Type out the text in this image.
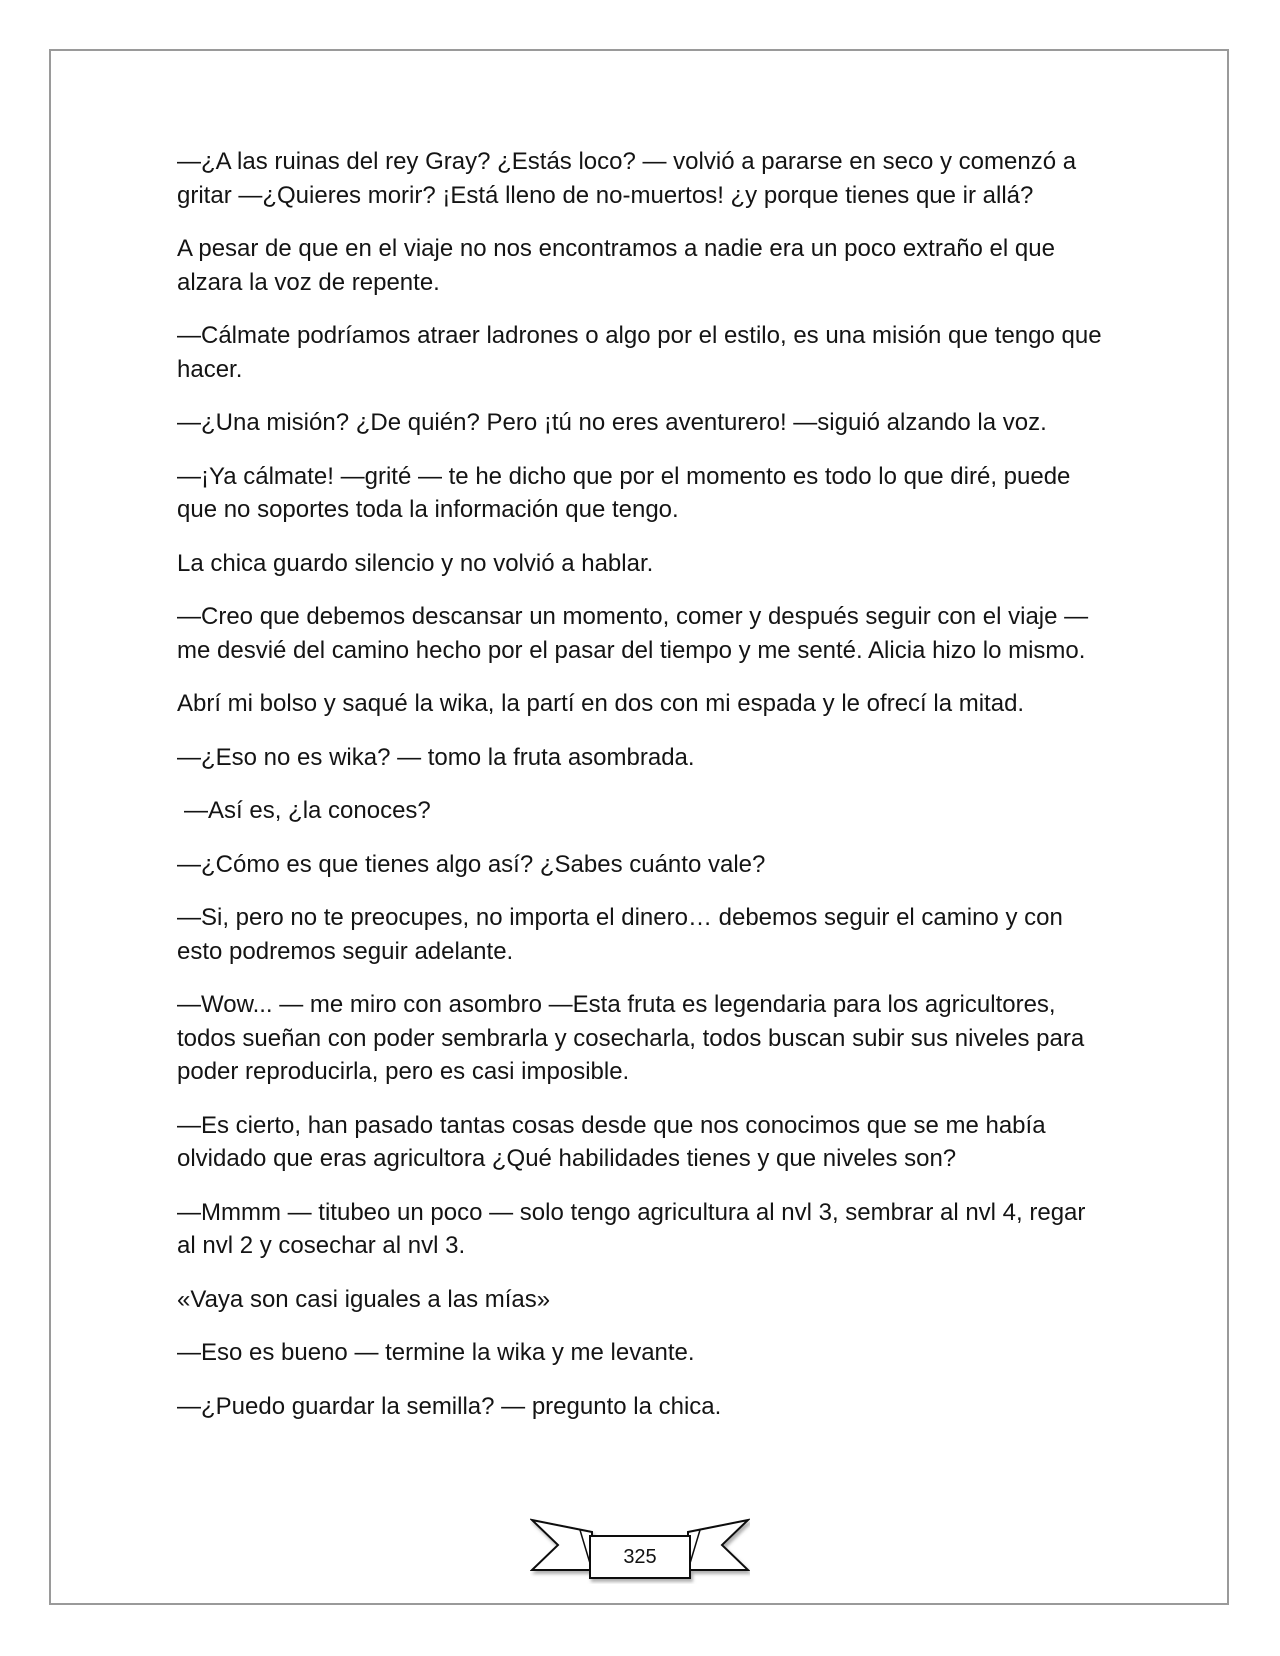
—¿A las ruinas del rey Gray? ¿Estás loco? — volvió a pararse en seco y comenzó a gritar —¿Quieres morir? ¡Está lleno de no-muertos! ¿y porque tienes que ir allá?

A pesar de que en el viaje no nos encontramos a nadie era un poco extraño el que alzara la voz de repente.

—Cálmate podríamos atraer ladrones o algo por el estilo, es una misión que tengo que hacer.

—¿Una misión? ¿De quién? Pero ¡tú no eres aventurero! —siguió alzando la voz.

—¡Ya cálmate! —grité — te he dicho que por el momento es todo lo que diré, puede que no soportes toda la información que tengo.

La chica guardo silencio y no volvió a hablar.

—Creo que debemos descansar un momento, comer y después seguir con el viaje — me desvié del camino hecho por el pasar del tiempo y me senté. Alicia hizo lo mismo.

Abrí mi bolso y saqué la wika, la partí en dos con mi espada y le ofrecí la mitad.

—¿Eso no es wika? — tomo la fruta asombrada.

—Así es, ¿la conoces?

—¿Cómo es que tienes algo así? ¿Sabes cuánto vale?

—Si, pero no te preocupes, no importa el dinero… debemos seguir el camino y con esto podremos seguir adelante.

—Wow... — me miro con asombro —Esta fruta es legendaria para los agricultores, todos sueñan con poder sembrarla y cosecharla, todos buscan subir sus niveles para poder reproducirla, pero es casi imposible.

—Es cierto, han pasado tantas cosas desde que nos conocimos que se me había olvidado que eras agricultora ¿Qué habilidades tienes y que niveles son?

—Mmmm — titubeo un poco — solo tengo agricultura al nvl 3, sembrar al nvl 4, regar al nvl 2 y cosechar al nvl 3.

«Vaya son casi iguales a las mías»

—Eso es bueno — termine la wika y me levante.

—¿Puedo guardar la semilla? — pregunto la chica.

325
